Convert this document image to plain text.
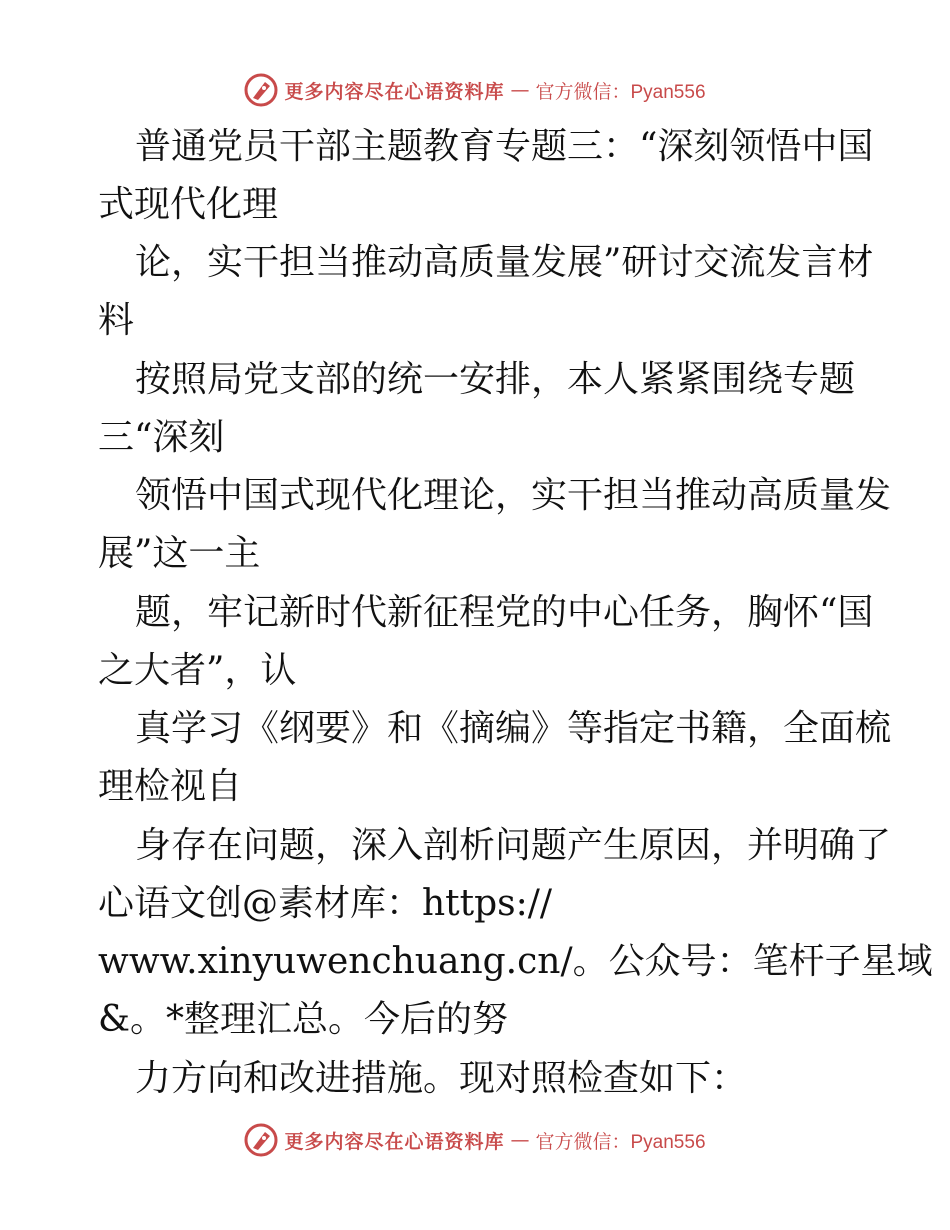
更多内容尽在心语资料库 — 官方微信：Pyan556
普通党员干部主题教育专题三：“深刻领悟中国
式现代化理
论，实干担当推动高质量发展”研讨交流发言材
料
按照局党支部的统一安排，本人紧紧围绕专题
三“深刻
领悟中国式现代化理论，实干担当推动高质量发
展”这一主
题，牢记新时代新征程党的中心任务，胸怀“国
之大者”，认
真学习《纲要》和《摘编》等指定书籍，全面梳
理检视自
身存在问题，深入剖析问题产生原因，并明确了
心语文创@素材库：https://
www.xinyuwenchuang.cn/。公众号：笔杆子星域
&。*整理汇总。今后的努
力方向和改进措施。现对照检查如下：
更多内容尽在心语资料库 — 官方微信：Pyan556
